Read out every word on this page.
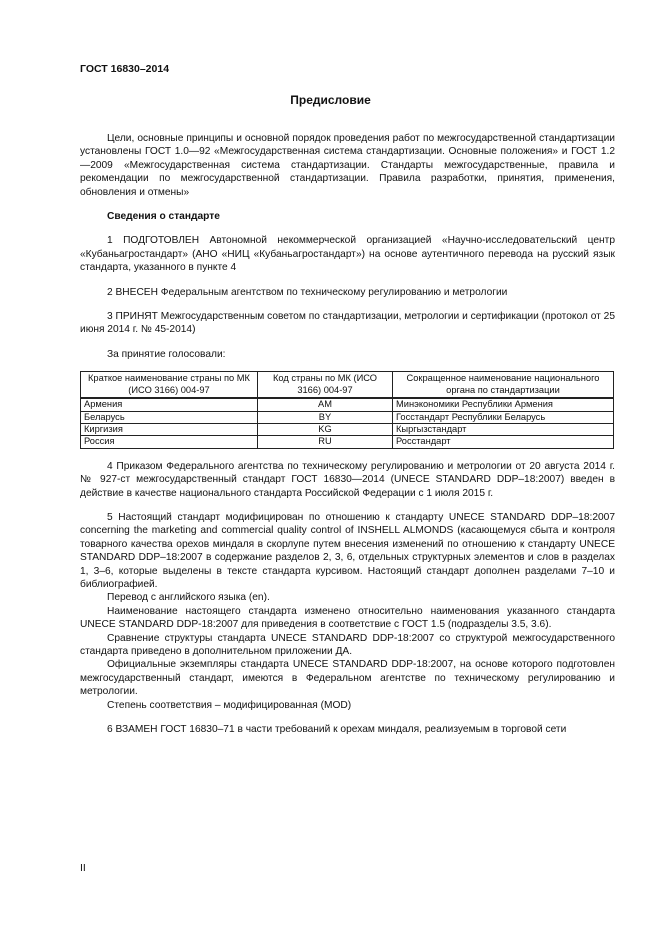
ГОСТ 16830–2014
Предисловие

Цели, основные принципы и основной порядок проведения работ по межгосударственной стандартизации установлены ГОСТ 1.0—92 «Межгосударственная система стандартизации. Основные положения» и ГОСТ 1.2—2009 «Межгосударственная система стандартизации. Стандарты межгосударственные, правила и рекомендации по межгосударственной стандартизации. Правила разработки, принятия, применения, обновления и отмены»

Сведения о стандарте

1 ПОДГОТОВЛЕН Автономной некоммерческой организацией «Научно-исследовательский центр «Кубаньагростандарт» (АНО «НИЦ «Кубаньагростандарт») на основе аутентичного перевода на русский язык стандарта, указанного в пункте 4

2 ВНЕСЕН Федеральным агентством по техническому регулированию и метрологии

3 ПРИНЯТ Межгосударственным советом по стандартизации, метрологии и сертификации (протокол от 25 июня 2014 г. № 45-2014)

За принятие голосовали:

Краткое наименование страны по МК (ИСО 3166) 004-97	Код страны по МК (ИСО 3166) 004-97	Сокращенное наименование национального органа по стандартизации
Армения	AM	Минэкономики Республики Армения
Беларусь	BY	Госстандарт Республики Беларусь
Киргизия	KG	Кыргызстандарт
Россия	RU	Росстандарт

4 Приказом Федерального агентства по техническому регулированию и метрологии от 20 августа 2014 г. № 927-ст межгосударственный стандарт ГОСТ 16830—2014 (UNECE STANDARD DDP–18:2007) введен в действие в качестве национального стандарта Российской Федерации с 1 июля 2015 г.

5 Настоящий стандарт модифицирован по отношению к стандарту UNECE STANDARD DDP–18:2007 concerning the marketing and commercial quality control of INSHELL ALMONDS (касающемуся сбыта и контроля товарного качества орехов миндаля в скорлупе путем внесения изменений по отношению к стандарту UNECE STANDARD DDP–18:2007 в содержание разделов 2, 3, 6, отдельных структурных элементов и слов в разделах 1, 3–6, которые выделены в тексте стандарта курсивом. Настоящий стандарт дополнен разделами 7–10 и библиографией.

Перевод с английского языка (en).

Наименование настоящего стандарта изменено относительно наименования указанного стандарта UNECE STANDARD DDP-18:2007 для приведения в соответствие с ГОСТ 1.5 (подразделы 3.5, 3.6).

Сравнение структуры стандарта UNECE STANDARD DDP-18:2007 со структурой межгосударственного стандарта приведено в дополнительном приложении ДА.

Официальные экземпляры стандарта UNECE STANDARD DDP-18:2007, на основе которого подготовлен межгосударственный стандарт, имеются в Федеральном агентстве по техническому регулированию и метрологии.

Степень соответствия – модифицированная (MOD)

6 ВЗАМЕН ГОСТ 16830–71 в части требований к орехам миндаля, реализуемым в торговой сети

II
